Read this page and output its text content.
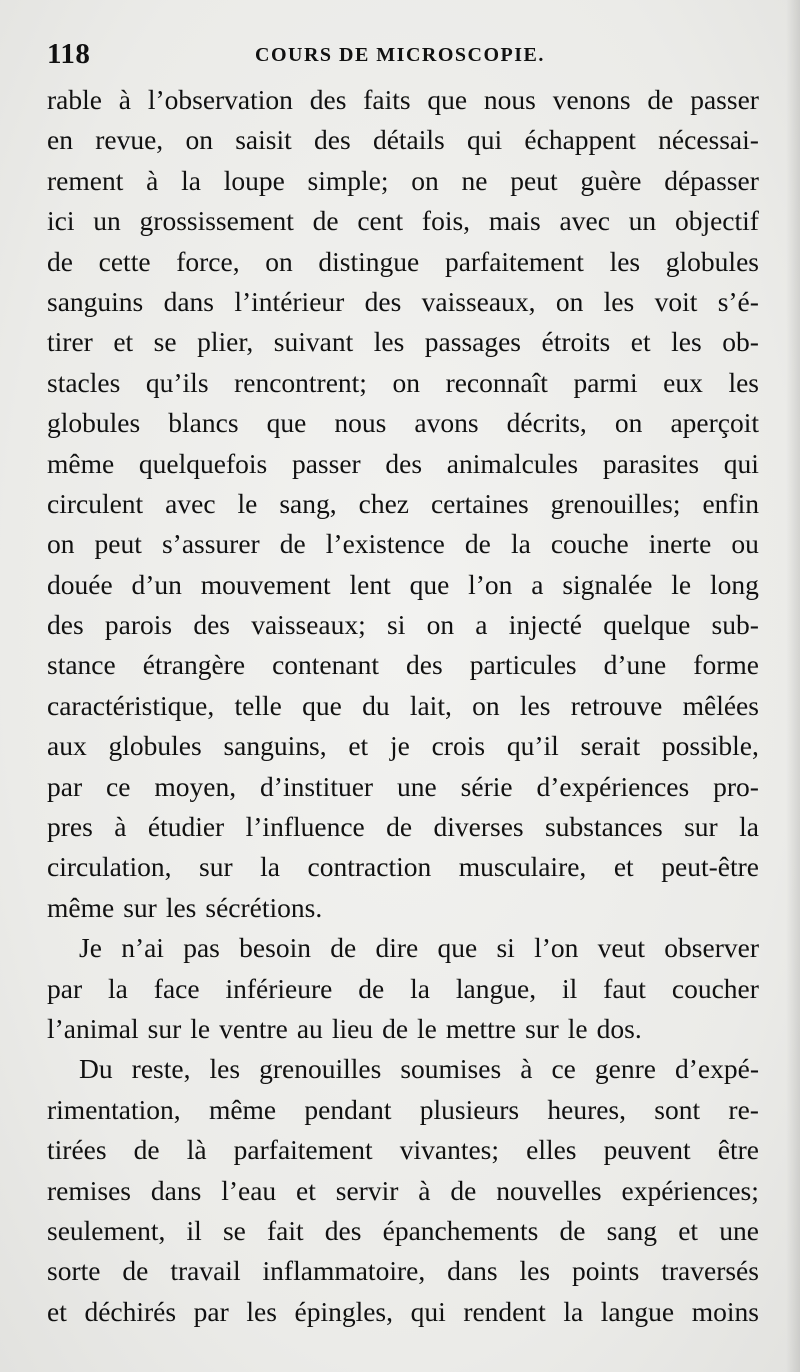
118	COURS DE MICROSCOPIE.
rable à l’observation des faits que nous venons de passer
en revue, on saisit des détails qui échappent nécessai-
rement à la loupe simple; on ne peut guère dépasser
ici un grossissement de cent fois, mais avec un objectif
de cette force, on distingue parfaitement les globules
sanguins dans l’intérieur des vaisseaux, on les voit s’é-
tirer et se plier, suivant les passages étroits et les ob-
stacles qu’ils rencontrent; on reconnaît parmi eux les
globules blancs que nous avons décrits, on aperçoit
même quelquefois passer des animalcules parasites qui
circulent avec le sang, chez certaines grenouilles; enfin
on peut s’assurer de l’existence de la couche inerte ou
douée d’un mouvement lent que l’on a signalée le long
des parois des vaisseaux; si on a injecté quelque sub-
stance étrangère contenant des particules d’une forme
caractéristique, telle que du lait, on les retrouve mêlées
aux globules sanguins, et je crois qu’il serait possible,
par ce moyen, d’instituer une série d’expériences pro-
pres à étudier l’influence de diverses substances sur la
circulation, sur la contraction musculaire, et peut-être
même sur les sécrétions.
Je n’ai pas besoin de dire que si l’on veut observer
par la face inférieure de la langue, il faut coucher
l’animal sur le ventre au lieu de le mettre sur le dos.
Du reste, les grenouilles soumises à ce genre d’expé-
rimentation, même pendant plusieurs heures, sont re-
tirées de là parfaitement vivantes; elles peuvent être
remises dans l’eau et servir à de nouvelles expériences;
seulement, il se fait des épanchements de sang et une
sorte de travail inflammatoire, dans les points traversés
et déchirés par les épingles, qui rendent la langue moins
